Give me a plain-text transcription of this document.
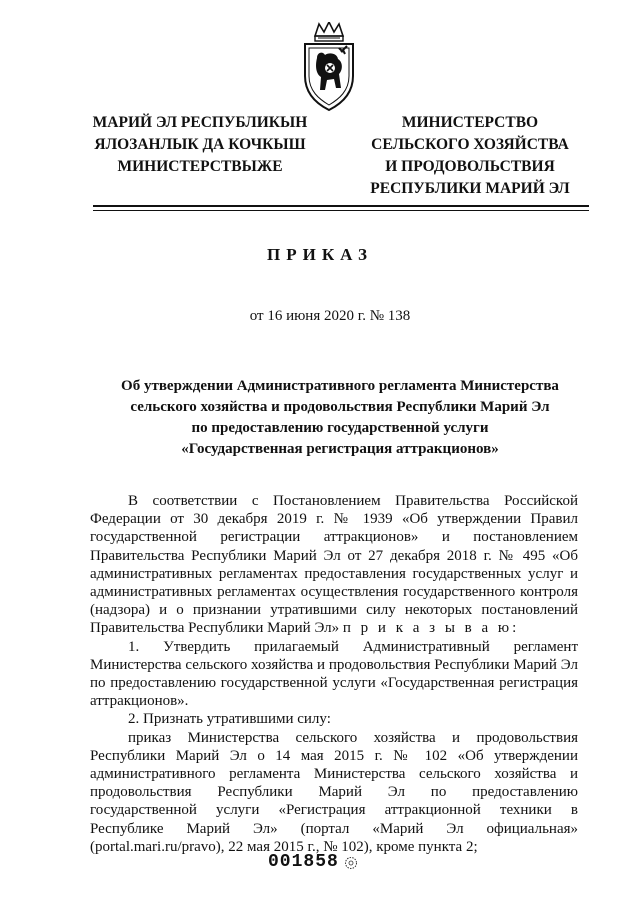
МАРИЙ ЭЛ РЕСПУБЛИКЫН
ЯЛОЗАНЛЫК ДА КОЧКЫШ
МИНИСТЕРСТВЫЖЕ
МИНИСТЕРСТВО
СЕЛЬСКОГО ХОЗЯЙСТВА
И ПРОДОВОЛЬСТВИЯ
РЕСПУБЛИКИ МАРИЙ ЭЛ
ПРИКАЗ
от 16 июня 2020 г. № 138
Об утверждении Административного регламента Министерства
сельского хозяйства и продовольствия Республики Марий Эл
по предоставлению государственной услуги
«Государственная регистрация аттракционов»

В соответствии с Постановлением Правительства Российской Федерации от 30 декабря 2019 г. № 1939 «Об утверждении Правил государственной регистрации аттракционов» и постановлением Правительства Республики Марий Эл от 27 декабря 2018 г. № 495 «Об административных регламентах предоставления государственных услуг и административных регламентах осуществления государственного контроля (надзора) и о признании утратившими силу некоторых постановлений Правительства Республики Марий Эл» п р и к а з ы в а ю:

1. Утвердить прилагаемый Административный регламент Министерства сельского хозяйства и продовольствия Республики Марий Эл по предоставлению государственной услуги «Государственная регистрация аттракционов».

2. Признать утратившими силу:

приказ Министерства сельского хозяйства и продовольствия Республики Марий Эл о 14 мая 2015 г. № 102 «Об утверждении административного регламента Министерства сельского хозяйства и продовольствия Республики Марий Эл по предоставлению государственной услуги «Регистрация аттракционной техники в Республике Марий Эл» (портал «Марий Эл официальная» (portal.mari.ru/pravo), 22 мая 2015 г., № 102), кроме пункта 2;

001858
